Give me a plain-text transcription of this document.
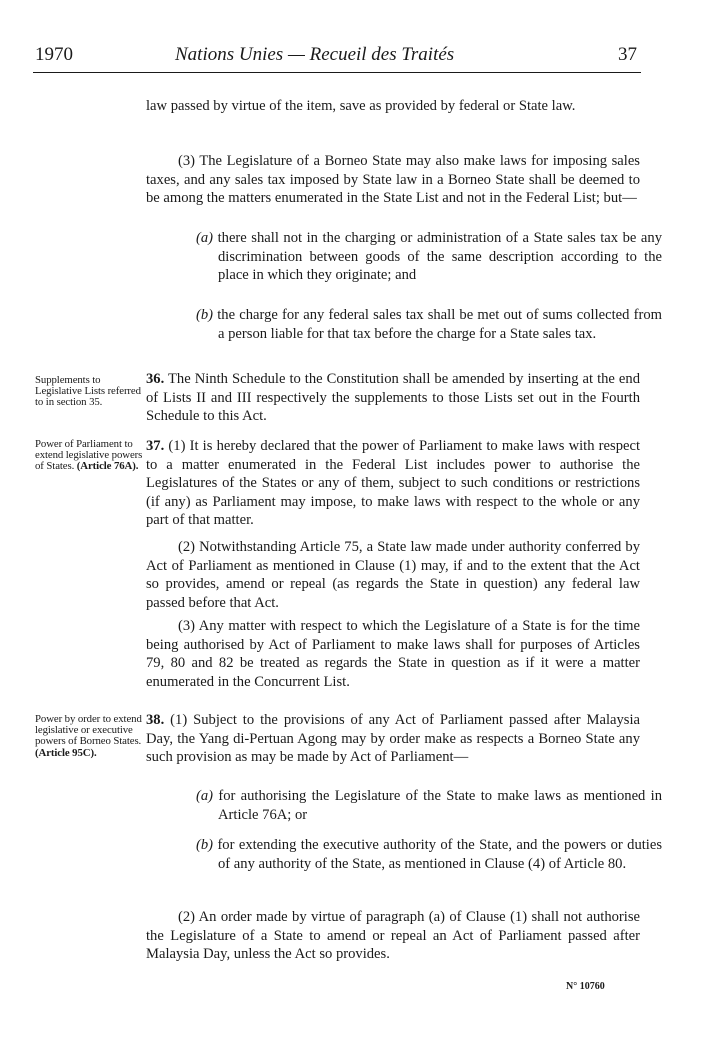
1970	Nations Unies — Recueil des Traités	37
law passed by virtue of the item, save as provided by federal or State law.
(3) The Legislature of a Borneo State may also make laws for imposing sales taxes, and any sales tax imposed by State law in a Borneo State shall be deemed to be among the matters enumerated in the State List and not in the Federal List; but—
(a) there shall not in the charging or administration of a State sales tax be any discrimination between goods of the same description according to the place in which they originate; and
(b) the charge for any federal sales tax shall be met out of sums collected from a person liable for that tax before the charge for a State sales tax.
Supplements to Legislative Lists referred to in section 35.
36. The Ninth Schedule to the Constitution shall be amended by inserting at the end of Lists II and III respectively the supplements to those Lists set out in the Fourth Schedule to this Act.
Power of Parliament to extend legislative powers of States. (Article 76A).
37. (1) It is hereby declared that the power of Parliament to make laws with respect to a matter enumerated in the Federal List includes power to authorise the Legislatures of the States or any of them, subject to such conditions or restrictions (if any) as Parliament may impose, to make laws with respect to the whole or any part of that matter.
(2) Notwithstanding Article 75, a State law made under authority conferred by Act of Parliament as mentioned in Clause (1) may, if and to the extent that the Act so provides, amend or repeal (as regards the State in question) any federal law passed before that Act.
(3) Any matter with respect to which the Legislature of a State is for the time being authorised by Act of Parliament to make laws shall for purposes of Articles 79, 80 and 82 be treated as regards the State in question as if it were a matter enumerated in the Concurrent List.
Power by order to extend legislative or executive powers of Borneo States. (Article 95C).
38. (1) Subject to the provisions of any Act of Parliament passed after Malaysia Day, the Yang di-Pertuan Agong may by order make as respects a Borneo State any such provision as may be made by Act of Parliament—
(a) for authorising the Legislature of the State to make laws as mentioned in Article 76A; or
(b) for extending the executive authority of the State, and the powers or duties of any authority of the State, as mentioned in Clause (4) of Article 80.
(2) An order made by virtue of paragraph (a) of Clause (1) shall not authorise the Legislature of a State to amend or repeal an Act of Parliament passed after Malaysia Day, unless the Act so provides.
N° 10760
